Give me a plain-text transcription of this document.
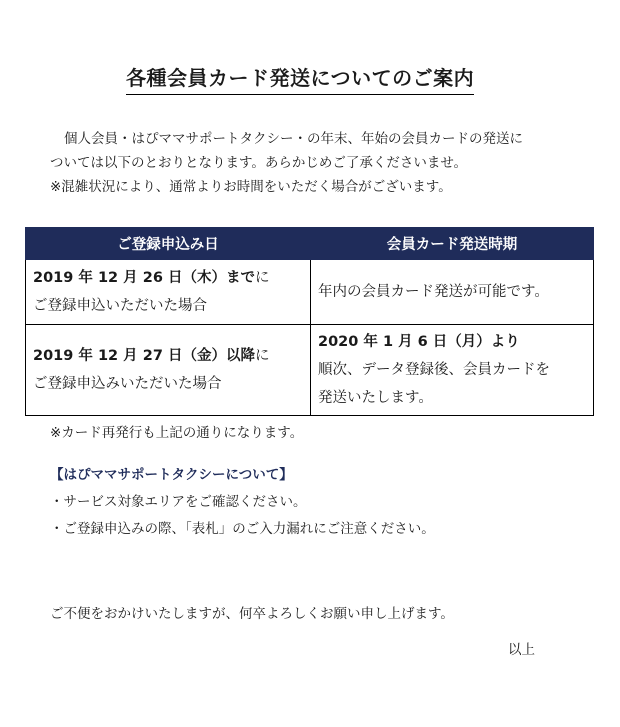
各種会員カード発送についてのご案内

個人会員・はぴママサポートタクシー・の年末、年始の会員カードの発送に

ついては以下のとおりとなります。あらかじめご了承くださいませ。

※混雑状況により、通常よりお時間をいただく場合がございます。

ご登録申込み日	会員カード発送時期

2019 年 12 月 26 日（木）までに
ご登録申込いただいた場合	年内の会員カード発送が可能です。

2019 年 12 月 27 日（金）以降に
ご登録申込みいただいた場合	2020 年 1 月 6 日（月）より
順次、データ登録後、会員カードを
発送いたします。
※カード再発行も上記の通りになります。
【はぴママサポートタクシーについて】
・サービス対象エリアをご確認ください。
・ご登録申込みの際、「表札」のご入力漏れにご注意ください。
ご不便をおかけいたしますが、何卒よろしくお願い申し上げます。
以上
